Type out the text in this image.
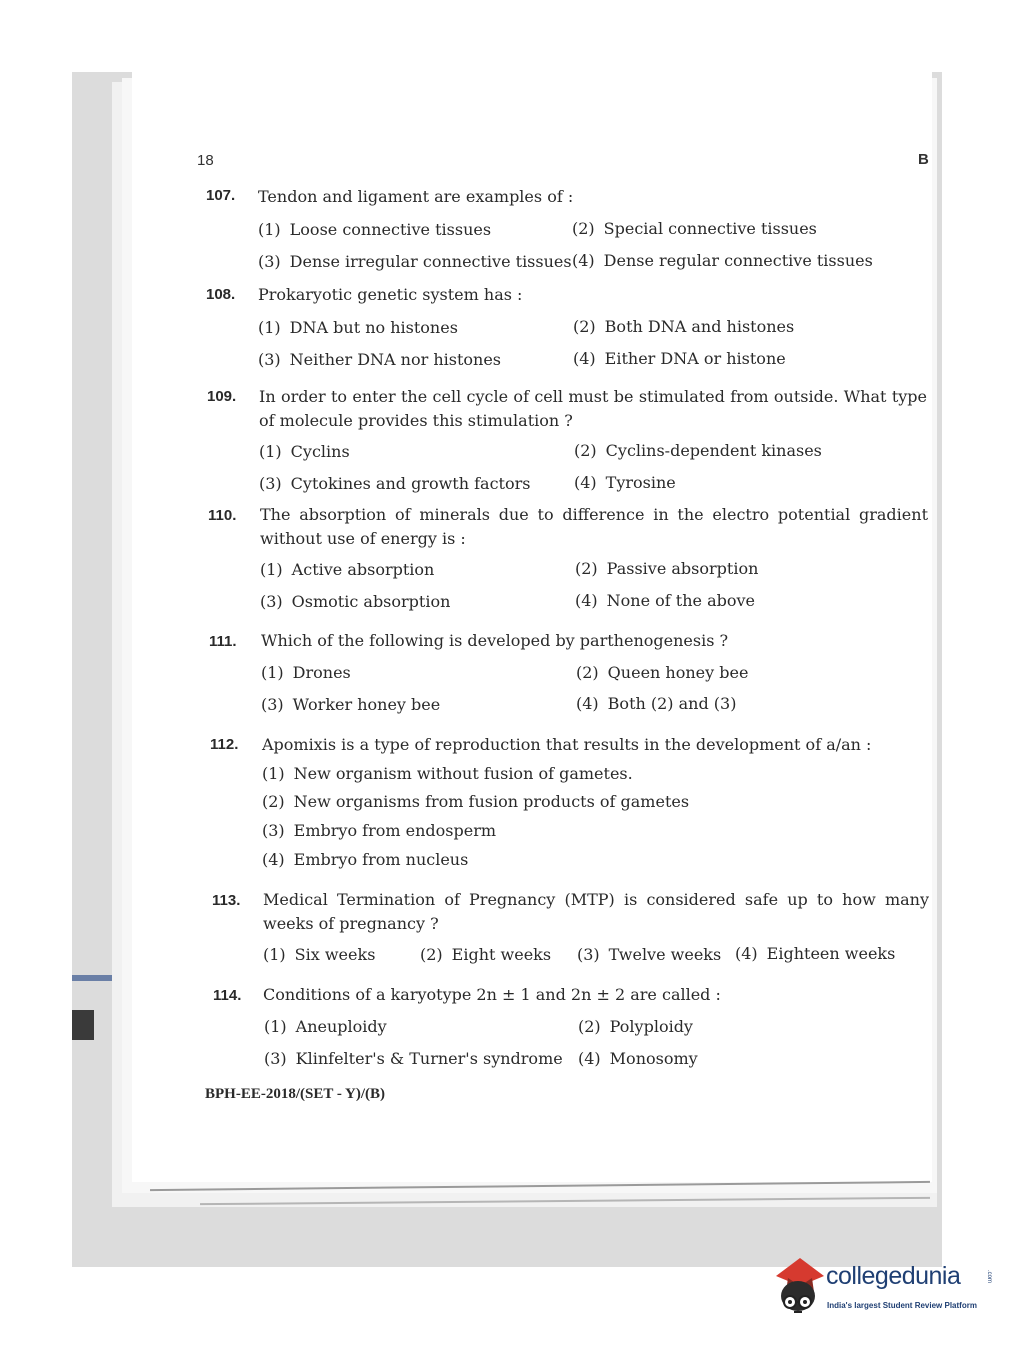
18	B
107. Tendon and ligament are examples of :
(1) Loose connective tissues	(2) Special connective tissues
(3) Dense irregular connective tissues (4) Dense regular connective tissues
108. Prokaryotic genetic system has :
(1) DNA but no histones	(2) Both DNA and histones
(3) Neither DNA nor histones	(4) Either DNA or histone
109. In order to enter the cell cycle of cell must be stimulated from outside. What type of molecule provides this stimulation ?
(1) Cyclins	(2) Cyclins-dependent kinases
(3) Cytokines and growth factors	(4) Tyrosine
110. The absorption of minerals due to difference in the electro potential gradient without use of energy is :
(1) Active absorption	(2) Passive absorption
(3) Osmotic absorption	(4) None of the above
111. Which of the following is developed by parthenogenesis ?
(1) Drones	(2) Queen honey bee
(3) Worker honey bee	(4) Both (2) and (3)
112. Apomixis is a type of reproduction that results in the development of a/an :
(1) New organism without fusion of gametes.
(2) New organisms from fusion products of gametes
(3) Embryo from endosperm
(4) Embryo from nucleus
113. Medical Termination of Pregnancy (MTP) is considered safe up to how many weeks of pregnancy ?
(1) Six weeks	(2) Eight weeks (3) Twelve weeks (4) Eighteen weeks
114. Conditions of a karyotype 2n ± 1 and 2n ± 2 are called :
(1) Aneuploidy	(2) Polyploidy
(3) Klinfelter's & Turner's syndrome (4) Monosomy
BPH-EE-2018/(SET - Y)/(B)
collegedunia	.com
India's largest Student Review Platform
